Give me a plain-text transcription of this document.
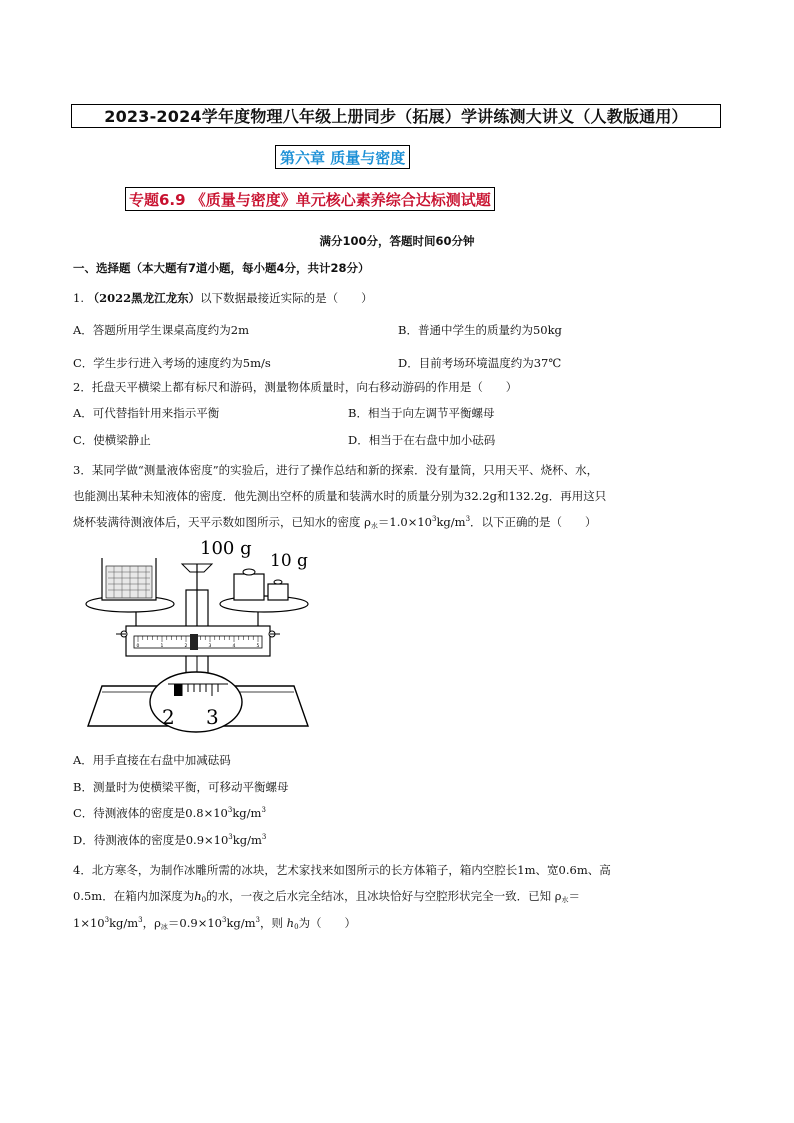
2023-2024学年度物理八年级上册同步（拓展）学讲练测大讲义（人教版通用）
第六章 质量与密度
专题6.9 《质量与密度》单元核心素养综合达标测试题
满分100分，答题时间60分钟
一、选择题（本大题有7道小题，每小题4分，共计28分）
1. （2022黑龙江龙东）以下数据最接近实际的是（　　）
A．答题所用学生课桌高度约为2m	B．普通中学生的质量约为50kg
C．学生步行进入考场的速度约为5m/s	D．目前考场环境温度约为37℃
2．托盘天平横梁上都有标尺和游码，测量物体质量时，向右移动游码的作用是（　　）
A．可代替指针用来指示平衡	B．相当于向左调节平衡螺母
C．使横梁静止	D．相当于在右盘中加小砝码
3．某同学做“测量液体密度”的实验后，进行了操作总结和新的探索．没有量筒，只用天平、烧杯、水，
也能测出某种未知液体的密度．他先测出空杯的质量和装满水时的质量分别为32.2g和132.2g．再用这只
烧杯装满待测液体后，天平示数如图所示，已知水的密度 $\rho_水=1.0\times 10^3kg/m^3$．以下正确的是（　　）
0	1	2	3	4	5
100 g
10 g
2 3
A．用手直接在右盘中加减砝码
B．测量时为使横梁平衡，可移动平衡螺母
C．待测液体的密度是$0.8\times 10^3kg/m^3$
D．待测液体的密度是$0.9\times 10^3kg/m^3$
4．北方寒冬，为制作冰雕所需的冰块，艺术家找来如图所示的长方体箱子，箱内空腔长1m、宽0.6m、高
0.5m．在箱内加深度为$h_0$的水，一夜之后水完全结冰，且冰块恰好与空腔形状完全一致．已知 $\rho_水=$
$1\times 10^3kg/m^3$，$\rho_冰=0.9\times 10^3kg/m^3$，则 $h_0$为（　　）
